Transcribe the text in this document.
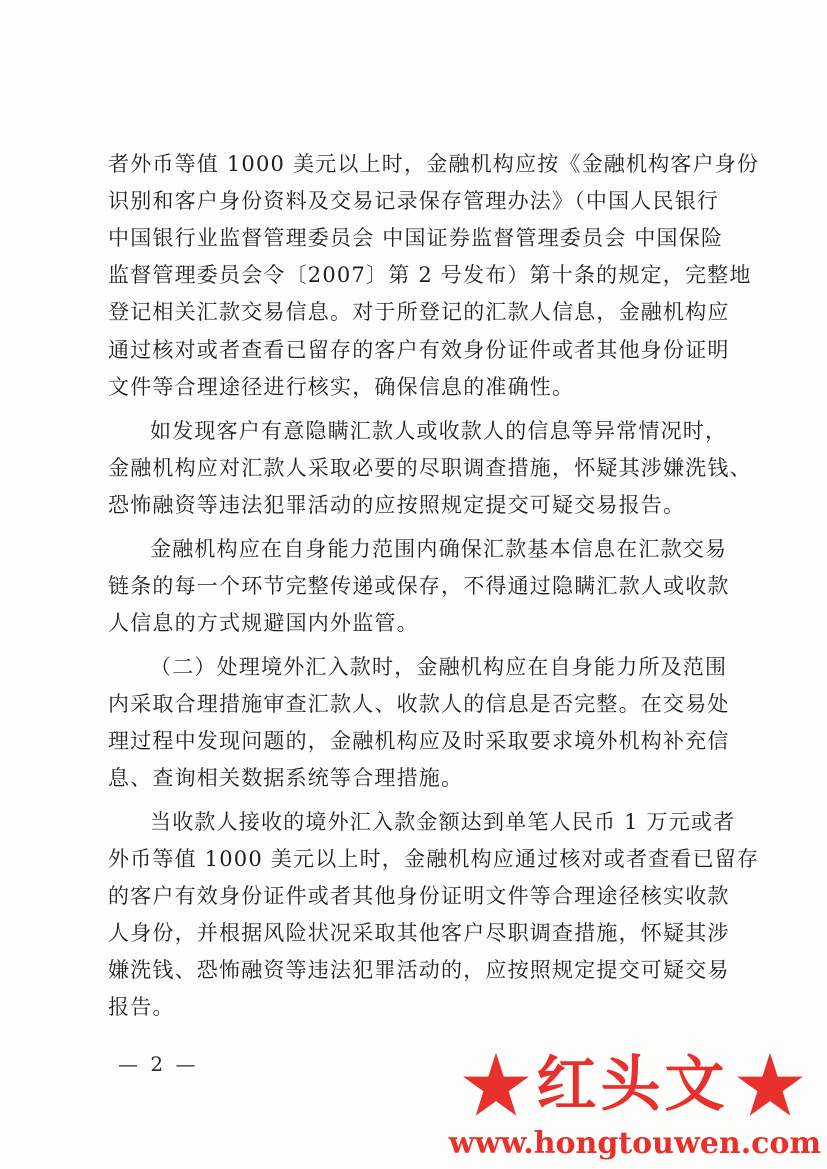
者外币等值 1000 美元以上时，金融机构应按《金融机构客户身份
识别和客户身份资料及交易记录保存管理办法》（中国人民银行
中国银行业监督管理委员会 中国证券监督管理委员会 中国保险
监督管理委员会令〔2007〕第 2 号发布）第十条的规定，完整地
登记相关汇款交易信息。对于所登记的汇款人信息，金融机构应
通过核对或者查看已留存的客户有效身份证件或者其他身份证明
文件等合理途径进行核实，确保信息的准确性。
如发现客户有意隐瞒汇款人或收款人的信息等异常情况时，
金融机构应对汇款人采取必要的尽职调查措施，怀疑其涉嫌洗钱、
恐怖融资等违法犯罪活动的应按照规定提交可疑交易报告。
金融机构应在自身能力范围内确保汇款基本信息在汇款交易
链条的每一个环节完整传递或保存，不得通过隐瞒汇款人或收款
人信息的方式规避国内外监管。
（二）处理境外汇入款时，金融机构应在自身能力所及范围
内采取合理措施审查汇款人、收款人的信息是否完整。在交易处
理过程中发现问题的，金融机构应及时采取要求境外机构补充信
息、查询相关数据系统等合理措施。
当收款人接收的境外汇入款金额达到单笔人民币 1 万元或者
外币等值 1000 美元以上时，金融机构应通过核对或者查看已留存
的客户有效身份证件或者其他身份证明文件等合理途径核实收款
人身份，并根据风险状况采取其他客户尽职调查措施，怀疑其涉
嫌洗钱、恐怖融资等违法犯罪活动的，应按照规定提交可疑交易
报告。
— 2 —	红头文
www.hongtouwen.com
